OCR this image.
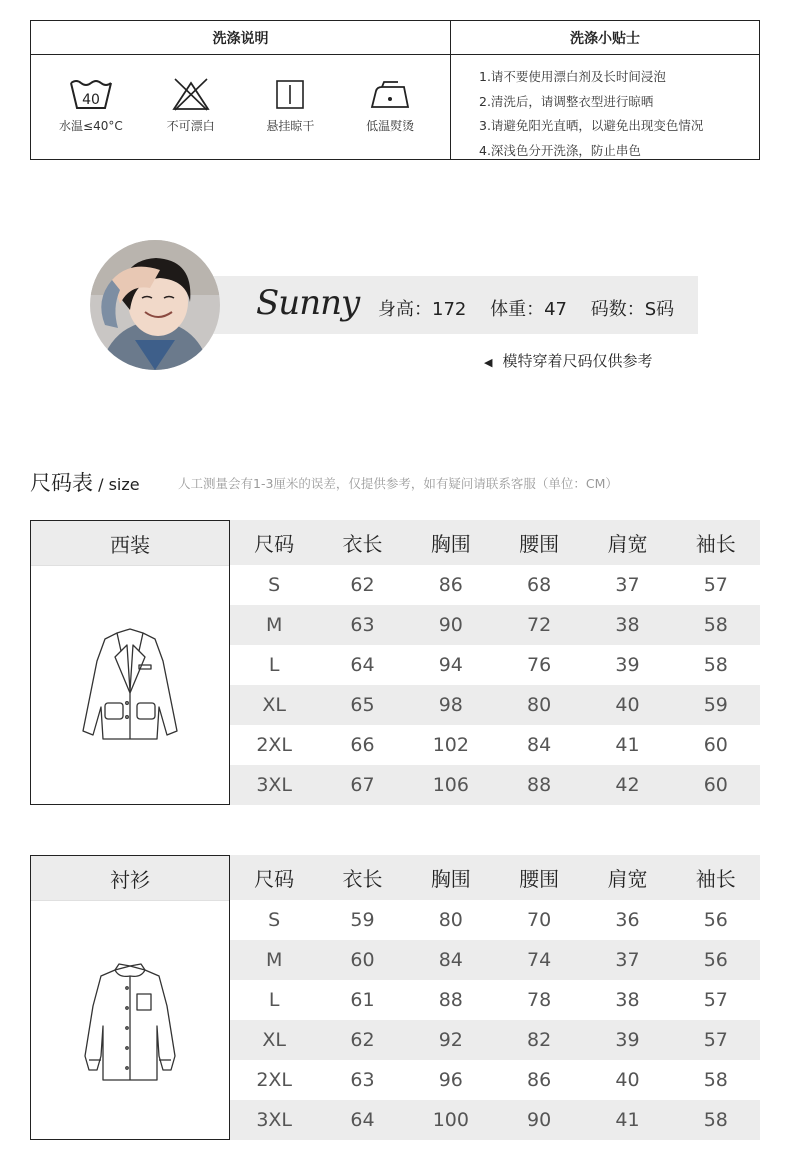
洗涤说明
40
水温≤40°C	不可漂白	悬挂晾干	低温熨烫
洗涤小贴士
1.请不要使用漂白剂及长时间浸泡
2.清洗后，请调整衣型进行晾晒
3.请避免阳光直晒，以避免出现变色情况
4.深浅色分开洗涤，防止串色
Sunny 身高：172 体重：47 码数：S码
◀ 模特穿着尺码仅供参考
尺码表 / size	人工测量会有1-3厘米的误差，仅提供参考，如有疑问请联系客服（单位：CM）
西装	尺码	衣长	胸围	腰围	肩宽	袖长
S	62	86	68	37	57
M	63	90	72	38	58
L	64	94	76	39	58
XL	65	98	80	40	59
2XL	66	102	84	41	60
3XL	67	106	88	42	60
衬衫	尺码	衣长	胸围	腰围	肩宽	袖长
S	59	80	70	36	56
M	60	84	74	37	56
L	61	88	78	38	57
XL	62	92	82	39	57
2XL	63	96	86	40	58
3XL	64	100	90	41	58
